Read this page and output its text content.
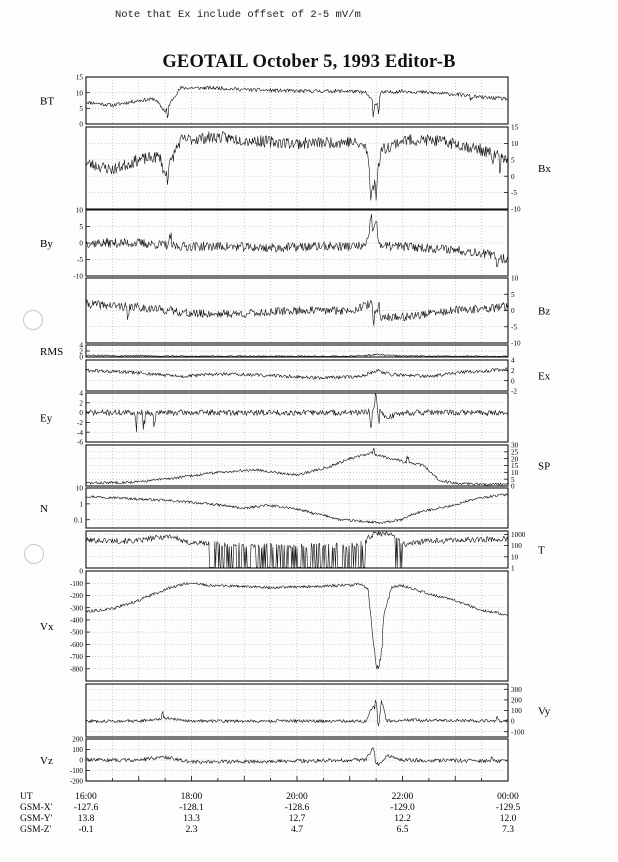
Note that Ex include offset of 2-5 mV/m
GEOTAIL October 5, 1993 Editor-B
15
10
5
0
BT
15
10
5
0
-5
-10
Bx
10
5
0
-5
-10
By
10
5
0
-5
-10
Bz
4
2
0
RMS
4
2
0
-2
Ex
4
2
0
-2
-4
-6
Ey
30
25
20
15
10
5
0
SP
10
1
0.1
N
1000
100
10
1
T
0
-100
-200
-300
-400
-500
-600
-700
-800
Vx
300
200
100
0
-100
Vy
200
100
0
-100
-200
Vz
UT	16:00	18:00	20:00	22:00	00:00
GSM-X' -127.6	-128.1	-128.6	-129.0	-129.5
GSM-Y'	13.8	13.3	12.7	12.2	12.0
GSM-Z'	-0.1	2.3	4.7	6.5	7.3
